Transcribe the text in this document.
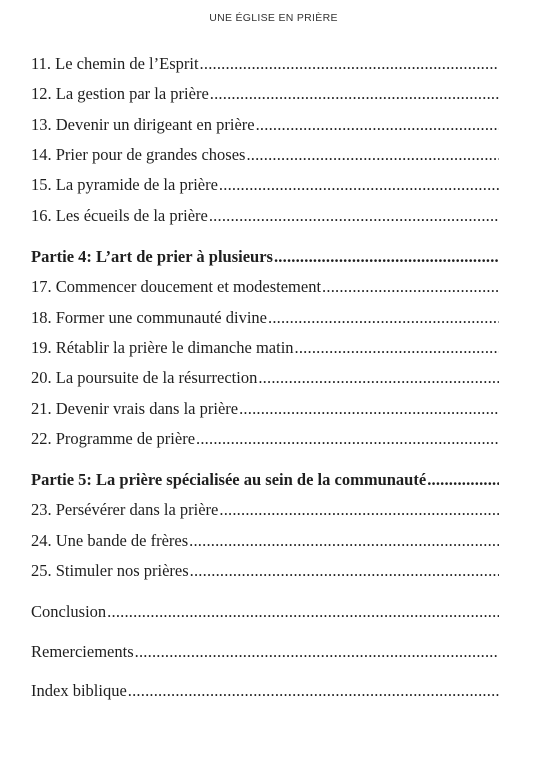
UNE ÉGLISE EN PRIÈRE
11. Le chemin de l’Esprit
.....
12. La gestion par la prière
.....
13. Devenir un dirigeant en prière
.....
14. Prier pour de grandes choses
.....
15. La pyramide de la prière
.....
16. Les écueils de la prière
.....
Partie 4: L’art de prier à plusieurs
.....
17. Commencer doucement et modestement
.....
18. Former une communauté divine
.....
19. Rétablir la prière le dimanche matin
.....
20. La poursuite de la résurrection
.....
21. Devenir vrais dans la prière
.....
22. Programme de prière
.....
Partie 5: La prière spécialisée au sein de la communauté
.....
23. Persévérer dans la prière
.....
24. Une bande de frères
.....
25. Stimuler nos prières
.....
Conclusion
.....
Remerciements
.....
Index biblique
.....
